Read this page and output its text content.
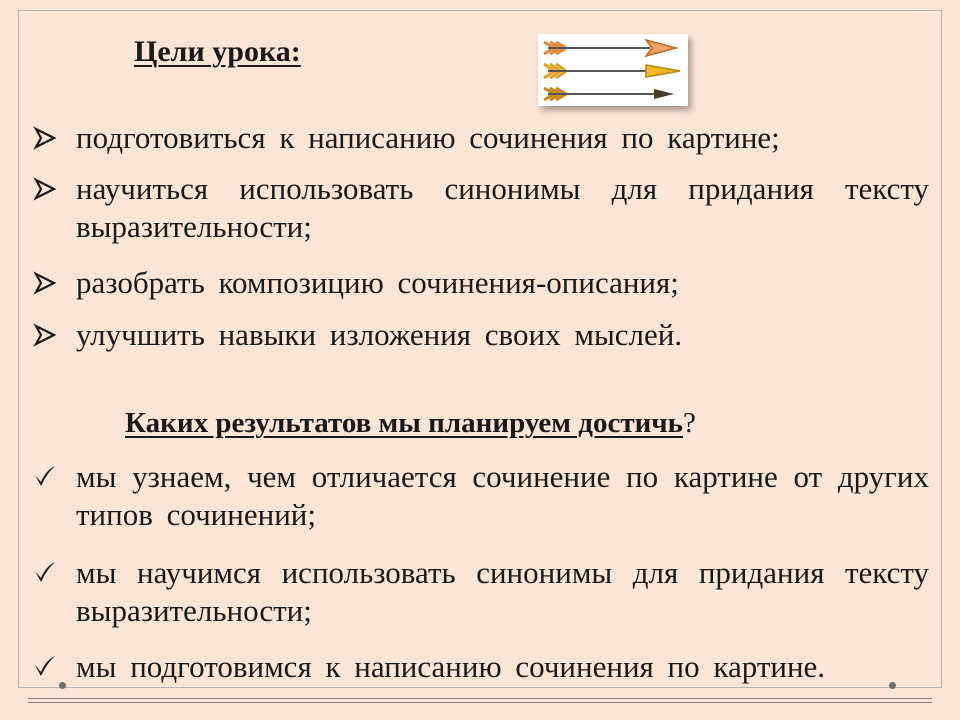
Цели урока:
подготовиться к написанию сочинения по картине;
научиться использовать синонимы для придания тексту выразительности;
разобрать композицию сочинения-описания;
улучшить навыки изложения своих мыслей.
Каких результатов мы планируем достичь?
мы узнаем, чем отличается сочинение по картине от других типов сочинений;
мы научимся использовать синонимы для придания тексту выразительности;
мы подготовимся к написанию сочинения по картине.
